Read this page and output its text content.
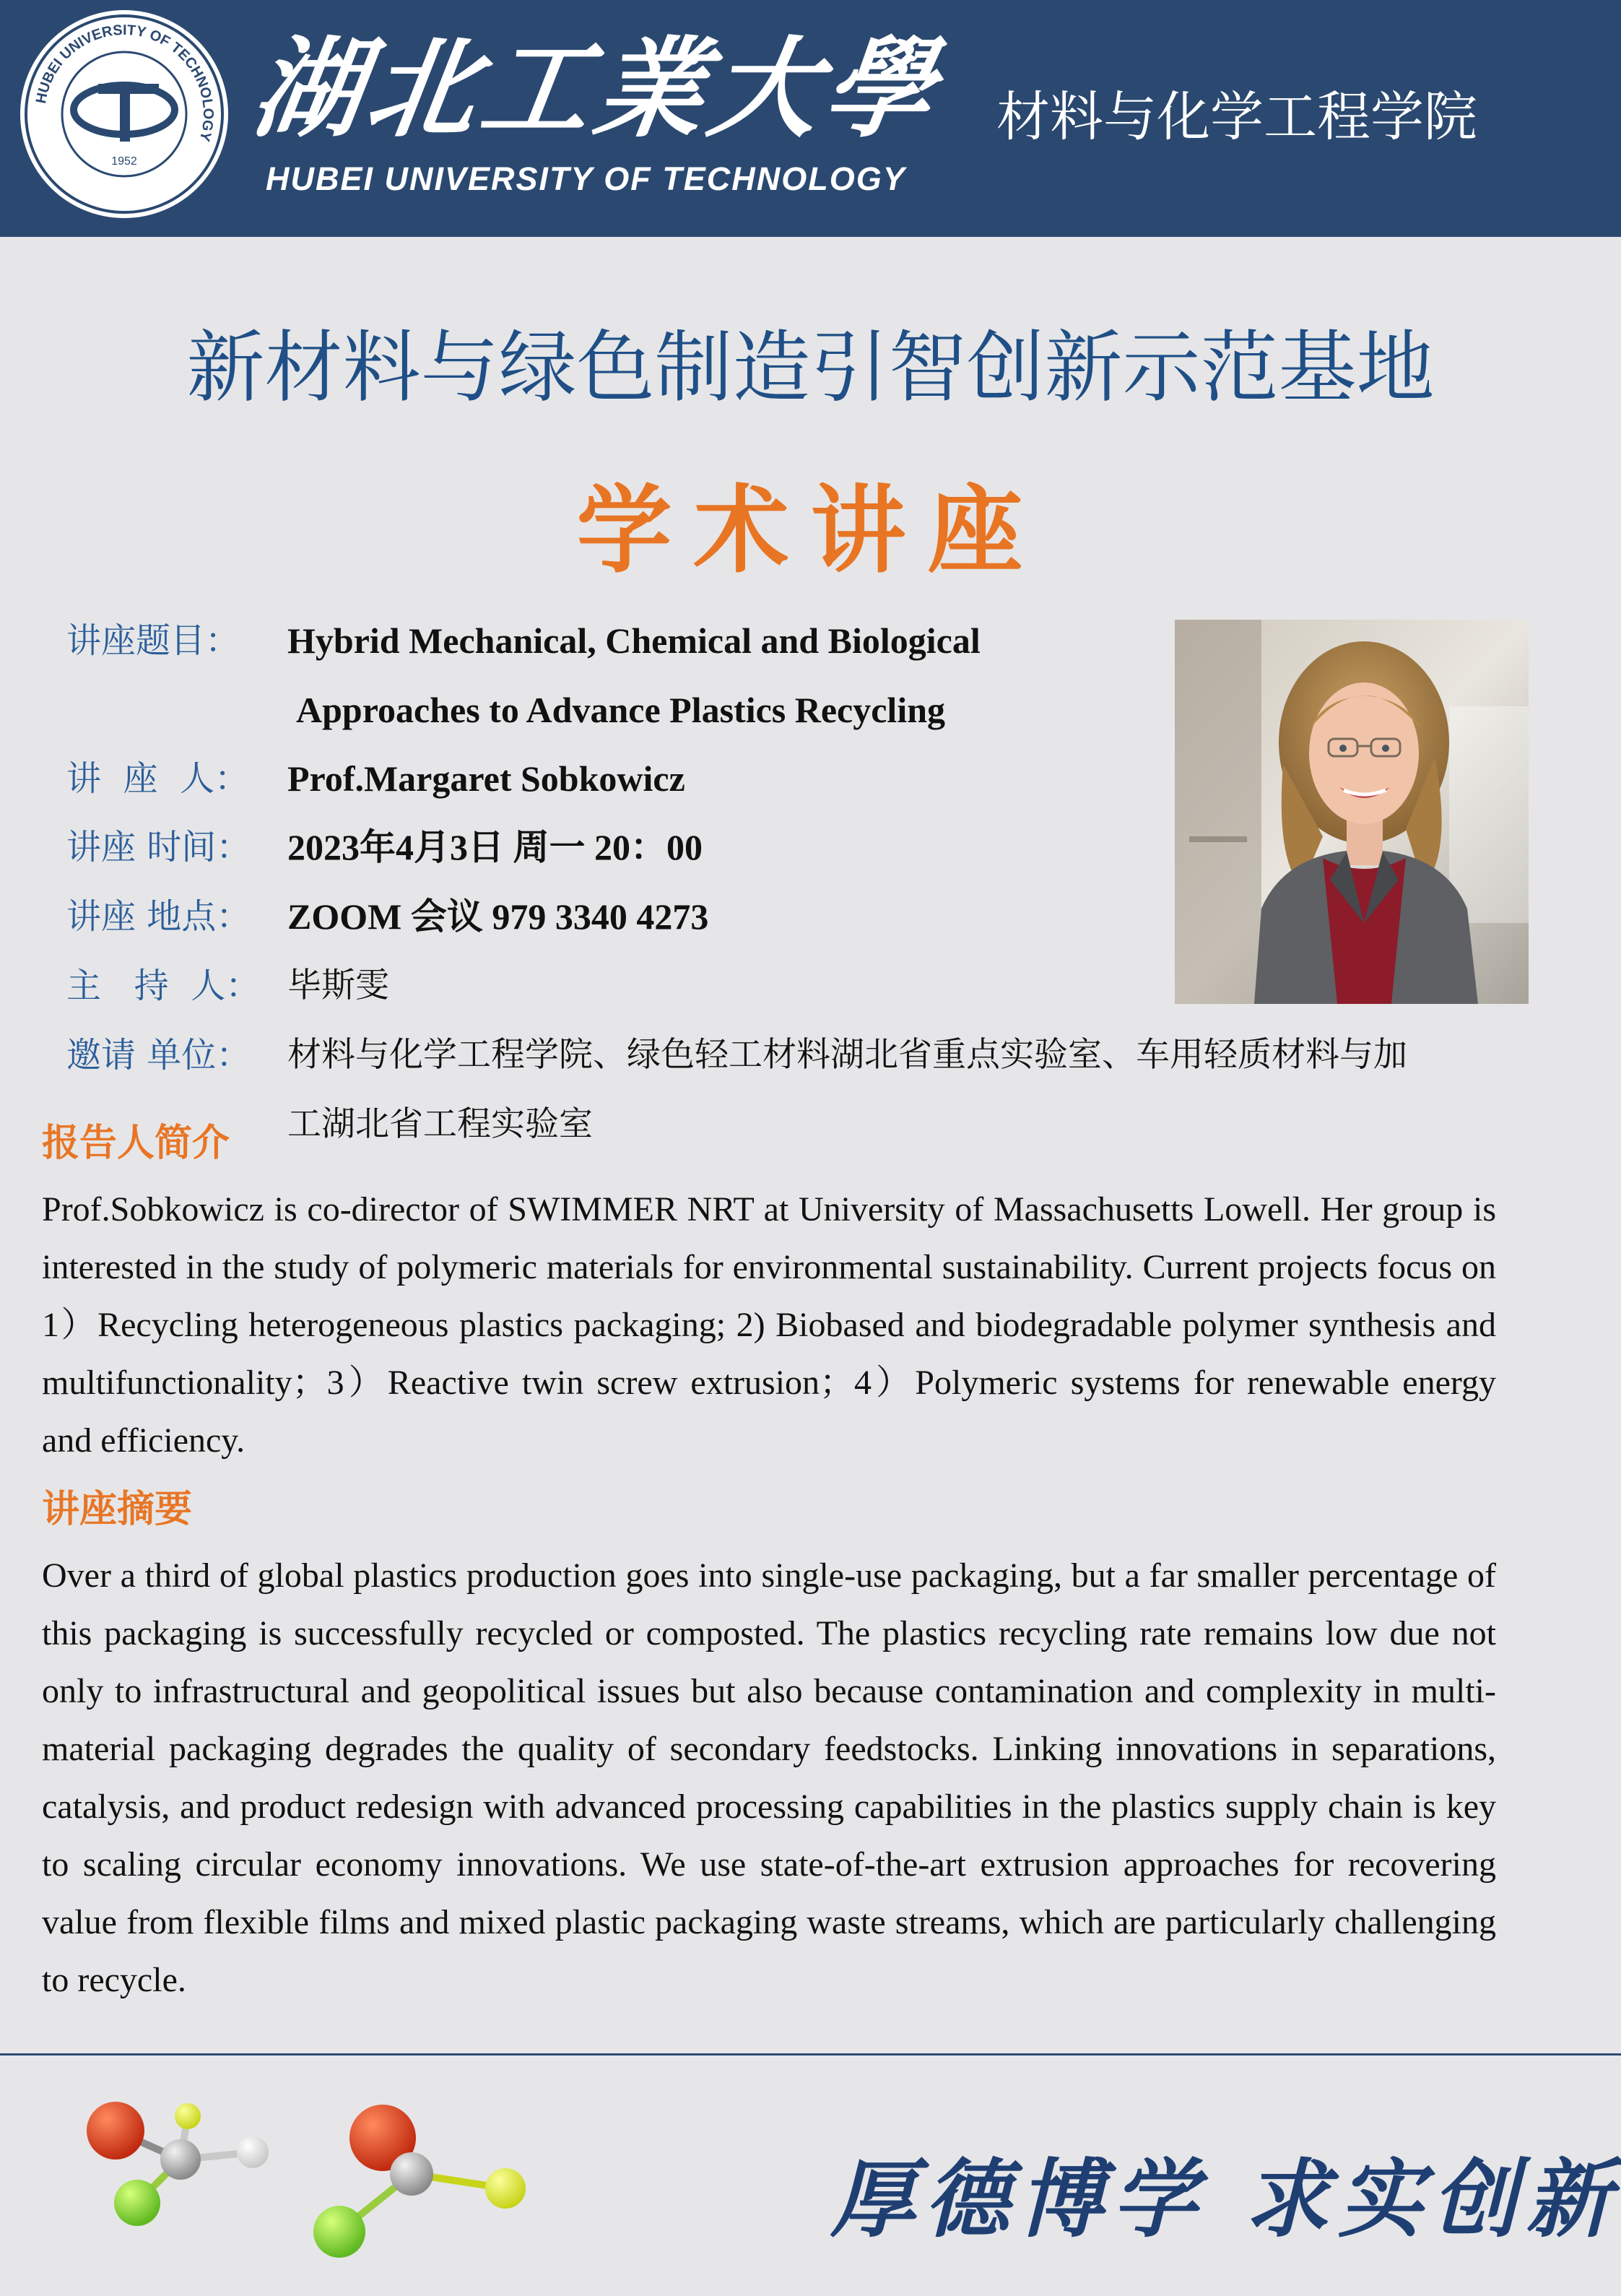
HUBEI UNIVERSITY OF TECHNOLOGY
1952
湖北工業大學
HUBEI UNIVERSITY OF TECHNOLOGY
材料与化学工程学院
新材料与绿色制造引智创新示范基地
学术讲座
讲座题目：	Hybrid Mechanical, Chemical and Biological
Approaches to Advance Plastics Recycling
讲  座  人：	Prof.Margaret Sobkowicz
讲座 时间：	2023年4月3日 周一 20：00
讲座 地点：	ZOOM 会议 979 3340 4273
主   持  人： 毕斯雯
邀请 单位：	材料与化学工程学院、绿色轻工材料湖北省重点实验室、车用轻质材料与加
工湖北省工程实验室
报告人简介
Prof.Sobkowicz is co-director of SWIMMER NRT at University of Massachusetts Lowell. Her group is interested in the study of polymeric materials for environmental sustainability. Current projects focus on 1）Recycling heterogeneous plastics packaging; 2) Biobased and biodegradable polymer synthesis and multifunctionality；3）Reactive twin screw extrusion；4）Polymeric systems for renewable energy and efficiency.
讲座摘要
Over a third of global plastics production goes into single-use packaging, but a far smaller percentage of this packaging is successfully recycled or composted. The plastics recycling rate remains low due not only to infrastructural and geopolitical issues but also because contamination and complexity in multi-material packaging degrades the quality of secondary feedstocks. Linking innovations in separations, catalysis, and product redesign with advanced processing capabilities in the plastics supply chain is key to scaling circular economy innovations. We use state-of-the-art extrusion approaches for recovering value from flexible films and mixed plastic packaging waste streams, which are particularly challenging to recycle.
厚德博学 求实创新
